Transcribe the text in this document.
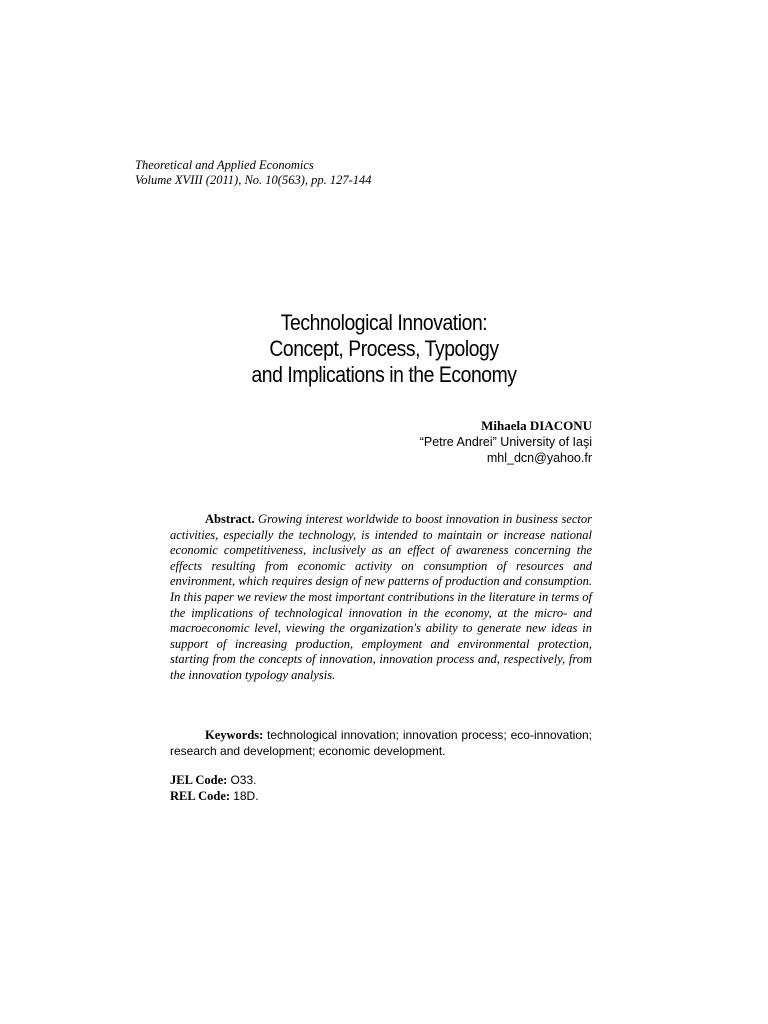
Theoretical and Applied Economics
Volume XVIII (2011), No. 10(563), pp. 127-144
Technological Innovation:
Concept, Process, Typology
and Implications in the Economy
Mihaela DIACONU
“Petre Andrei” University of Iaşi
mhl_dcn@yahoo.fr
Abstract. Growing interest worldwide to boost innovation in business sector activities, especially the technology, is intended to maintain or increase national economic competitiveness, inclusively as an effect of awareness concerning the effects resulting from economic activity on consumption of resources and environment, which requires design of new patterns of production and consumption. In this paper we review the most important contributions in the literature in terms of the implications of technological innovation in the economy, at the micro- and macroeconomic level, viewing the organization's ability to generate new ideas in support of increasing production, employment and environmental protection, starting from the concepts of innovation, innovation process and, respectively, from the innovation typology analysis.
Keywords: technological innovation; innovation process; eco-innovation; research and development; economic development.
JEL Code: O33.
REL Code: 18D.
